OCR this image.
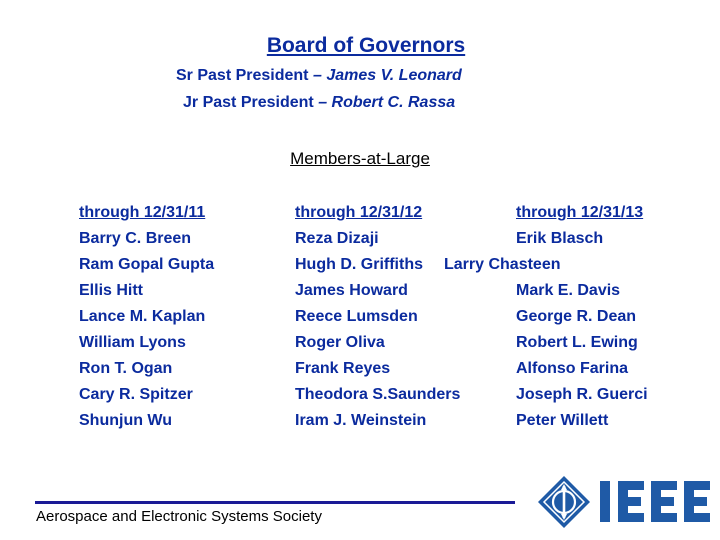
Board of Governors
Sr Past President – James V. Leonard
Jr Past President – Robert C. Rassa
Members-at-Large
through 12/31/11
Barry C. Breen
Ram Gopal Gupta
Ellis Hitt
Lance M. Kaplan
William Lyons
Ron T. Ogan
Cary R. Spitzer
Shunjun Wu
through 12/31/12
Reza Dizaji
Hugh D. Griffiths
James Howard
Reece Lumsden
Roger Oliva
Frank Reyes
Theodora S.Saunders
Iram J. Weinstein
through 12/31/13
Erik Blasch
Larry Chasteen
Mark E. Davis
George R. Dean
Robert L. Ewing
Alfonso Farina
Joseph R. Guerci
Peter Willett
Aerospace and Electronic Systems Society
